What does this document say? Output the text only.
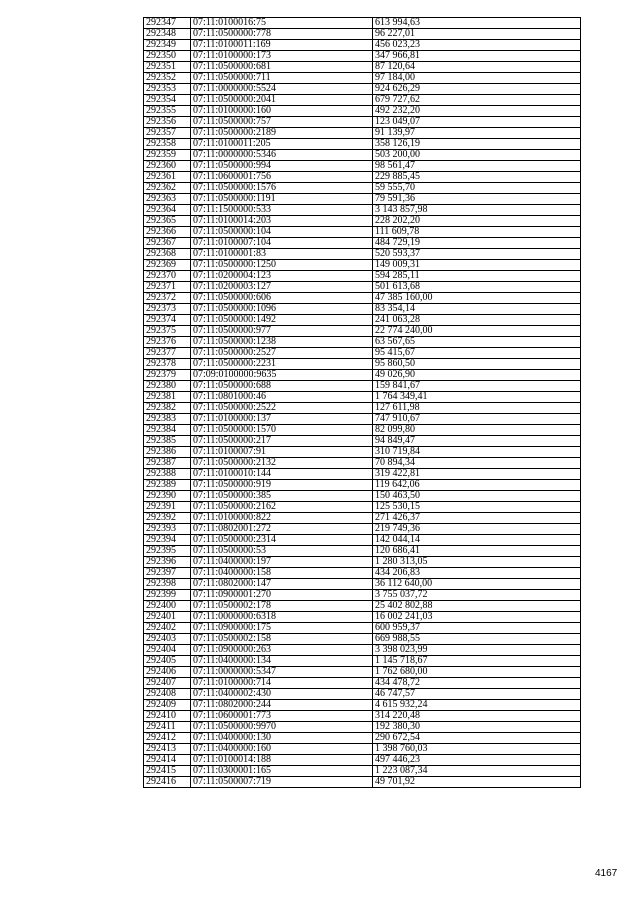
292347	07:11:0100016:75	613 994,63
292348	07:11:0500000:778	96 227,01
292349	07:11:0100011:169	456 023,23
292350	07:11:0100000:173	347 966,81
292351	07:11:0500000:681	87 120,64
292352	07:11:0500000:711	97 184,00
292353	07:11:0000000:5524	924 626,29
292354	07:11:0500000:2041	679 727,62
292355	07:11:0100000:160	492 232,20
292356	07:11:0500000:757	123 049,07
292357	07:11:0500000:2189	91 139,97
292358	07:11:0100011:205	358 126,19
292359	07:11:0000000:5346	503 200,00
292360	07:11:0500000:994	98 561,47
292361	07:11:0600001:756	229 885,45
292362	07:11:0500000:1576	59 555,70
292363	07:11:0500000:1191	79 591,36
292364	07:11:1500000:533	3 143 857,98
292365	07:11:0100014:203	228 202,20
292366	07:11:0500000:104	111 609,78
292367	07:11:0100007:104	484 729,19
292368	07:11:0100001:83	520 593,37
292369	07:11:0500000:1250	149 009,31
292370	07:11:0200004:123	594 285,11
292371	07:11:0200003:127	501 613,68
292372	07:11:0500000:606	47 385 160,00
292373	07:11:0500000:1096	83 354,14
292374	07:11:0500000:1492	241 063,28
292375	07:11:0500000:977	22 774 240,00
292376	07:11:0500000:1238	63 567,65
292377	07:11:0500000:2527	95 415,67
292378	07:11:0500000:2231	95 860,50
292379	07:09:0100000:9635	49 026,90
292380	07:11:0500000:688	159 841,67
292381	07:11:0801000:46	1 764 349,41
292382	07:11:0500000:2522	127 611,98
292383	07:11:0100000:137	747 910,67
292384	07:11:0500000:1570	82 099,80
292385	07:11:0500000:217	94 849,47
292386	07:11:0100007:91	310 719,84
292387	07:11:0500000:2132	70 894,34
292388	07:11:0100010:144	319 422,81
292389	07:11:0500000:919	119 642,06
292390	07:11:0500000:385	150 463,50
292391	07:11:0500000:2162	125 530,15
292392	07:11:0100000:822	271 426,37
292393	07:11:0802001:272	219 749,36
292394	07:11:0500000:2314	142 044,14
292395	07:11:0500000:53	120 686,41
292396	07:11:0400000:197	1 280 313,05
292397	07:11:0400000:158	434 206,83
292398	07:11:0802000:147	36 112 640,00
292399	07:11:0900001:270	3 755 037,72
292400	07:11:0500002:178	25 402 802,88
292401	07:11:0000000:6318	16 002 241,03
292402	07:11:0900000:175	600 959,37
292403	07:11:0500002:158	669 988,55
292404	07:11:0900000:263	3 398 023,99
292405	07:11:0400000:134	1 145 718,67
292406	07:11:0000000:5347	1 762 680,00
292407	07:11:0100000:714	434 478,72
292408	07:11:0400002:430	46 747,57
292409	07:11:0802000:244	4 615 932,24
292410	07:11:0600001:773	314 220,48
292411	07:11:0500000:9970	192 380,30
292412	07:11:0400000:130	290 672,54
292413	07:11:0400000:160	1 398 760,03
292414	07:11:0100014:188	497 446,23
292415	07:11:0300001:165	1 223 087,34
292416	07:11:0500007:719	49 701,92
4167
